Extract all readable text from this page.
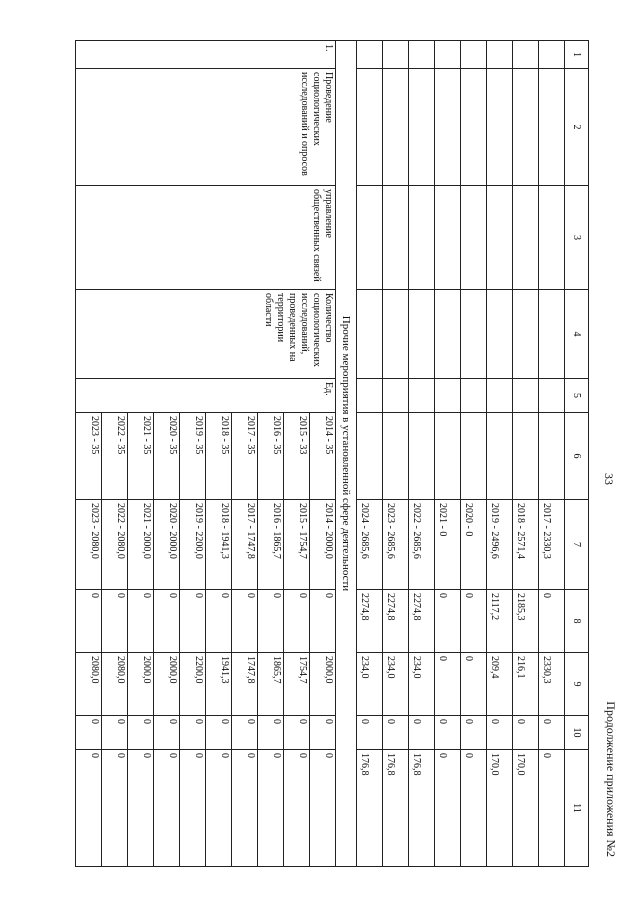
33
Продолжение приложения №2
1	2	3	4	5	6	7	8	9	10	11
						2017 - 2330,3	0	2330,3	0	0
						2018 - 2571,4	2185,3	216,1	0	170,0
						2019 - 2496,6	2117,2	209,4	0	170,0
						2020 - 0	0	0	0	0
						2021 - 0	0	0	0	0
						2022 - 2685,6	2274,8	234,0	0	176,8
						2023 - 2685,6	2274,8	234,0	0	176,8
						2024 - 2685,6	2274,8	234,0	0	176,8
Прочие мероприятия в установленной сфере деятельности										
1.	Проведение социологических исследований и опросов	управление общественных связей	Количество социологических исследований, проведенных на территории области	Ед.	2014 - 35	2014 - 2000,0	0	2000,0	0	0
					2015 - 33	2015 - 1754,7	0	1754,7	0	0
					2016 - 35	2016 - 1865,7	0	1865,7	0	0
					2017 - 35	2017 - 1747,8	0	1747,8	0	0
					2018 - 35	2018 - 1941,3	0	1941,3	0	0
					2019 - 35	2019 - 2200,0	0	2200,0	0	0
					2020 - 35	2020 - 2000,0	0	2000,0	0	0
					2021 - 35	2021 - 2000,0	0	2000,0	0	0
					2022 - 35	2022 - 2080,0	0	2080,0	0	0
					2023 - 35	2023 - 2080,0	0	2080,0	0	0
